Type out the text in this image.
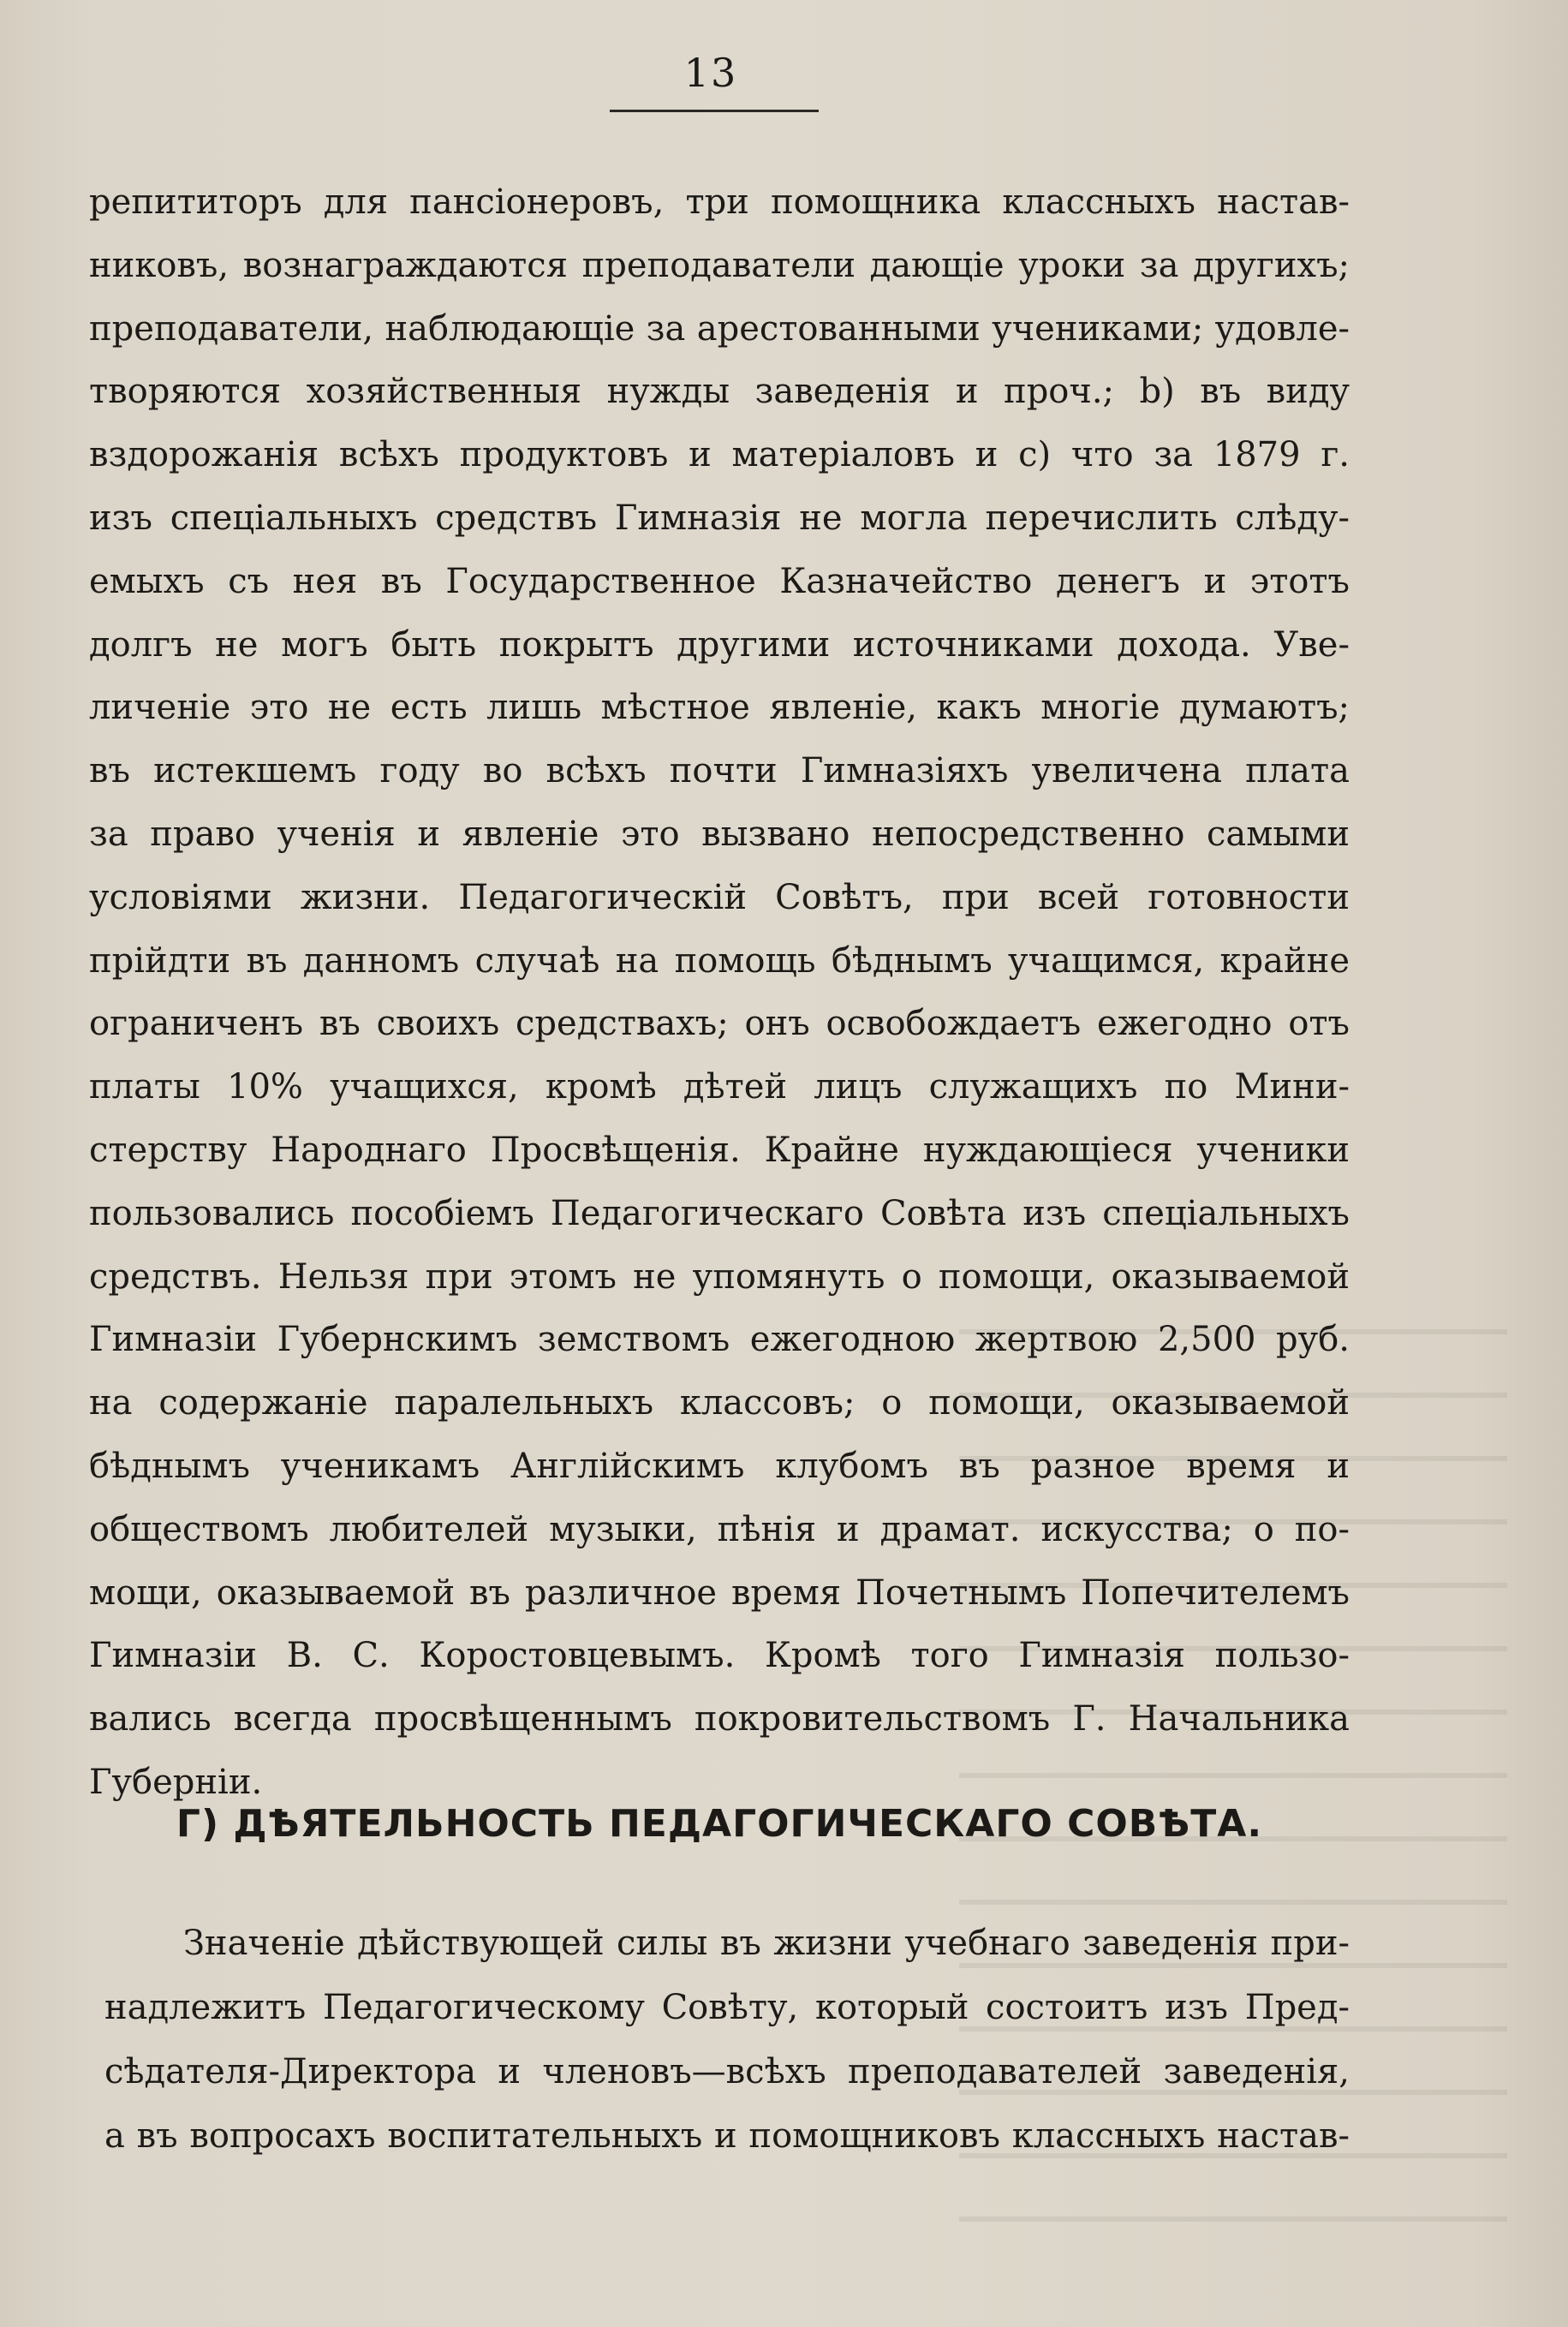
13
репититоръ для пансіонеровъ, три помощника классныхъ настав-
никовъ, вознаграждаются преподаватели дающіе уроки за другихъ;
преподаватели, наблюдающіе за арестованными учениками; удовле-
творяются хозяйственныя нужды заведенія и проч.; b) въ виду
вздорожанія всѣхъ продуктовъ и матеріаловъ и c) что за 1879 г.
изъ спеціальныхъ средствъ Гимназія не могла перечислить слѣду-
емыхъ съ нея въ Государственное Казначейство денегъ и этотъ
долгъ не могъ быть покрытъ другими источниками дохода. Уве-
личеніе это не есть лишь мѣстное явленіе, какъ многіе думаютъ;
въ истекшемъ году во всѣхъ почти Гимназіяхъ увеличена плата
за право ученія и явленіе это вызвано непосредственно самыми
условіями жизни. Педагогическій Совѣтъ, при всей готовности
прійдти въ данномъ случаѣ на помощь бѣднымъ учащимся, крайне
ограниченъ въ своихъ средствахъ; онъ освобождаетъ ежегодно отъ
платы 10% учащихся, кромѣ дѣтей лицъ служащихъ по Мини-
стерству Народнаго Просвѣщенія. Крайне нуждающіеся ученики
пользовались пособіемъ Педагогическаго Совѣта изъ спеціальныхъ
средствъ. Нельзя при этомъ не упомянуть о помощи, оказываемой
Гимназіи Губернскимъ земствомъ ежегодною жертвою 2,500 руб.
на содержаніе паралельныхъ классовъ; о помощи, оказываемой
бѣднымъ ученикамъ Англійскимъ клубомъ въ разное время и
обществомъ любителей музыки, пѣнія и драмат. искусства; о по-
мощи, оказываемой въ различное время Почетнымъ Попечителемъ
Гимназіи В. С. Коростовцевымъ. Кромѣ того Гимназія пользо-
вались всегда просвѣщеннымъ покровительствомъ Г. Начальника
Губерніи.
Г) ДѢЯТЕЛЬНОСТЬ ПЕДАГОГИЧЕСКАГО СОВѢТА.
Значеніе дѣйствующей силы въ жизни учебнаго заведенія при-
надлежитъ Педагогическому Совѣту, который состоитъ изъ Пред-
сѣдателя-Директора и членовъ—всѣхъ преподавателей заведенія,
а въ вопросахъ воспитательныхъ и помощниковъ классныхъ настав-
